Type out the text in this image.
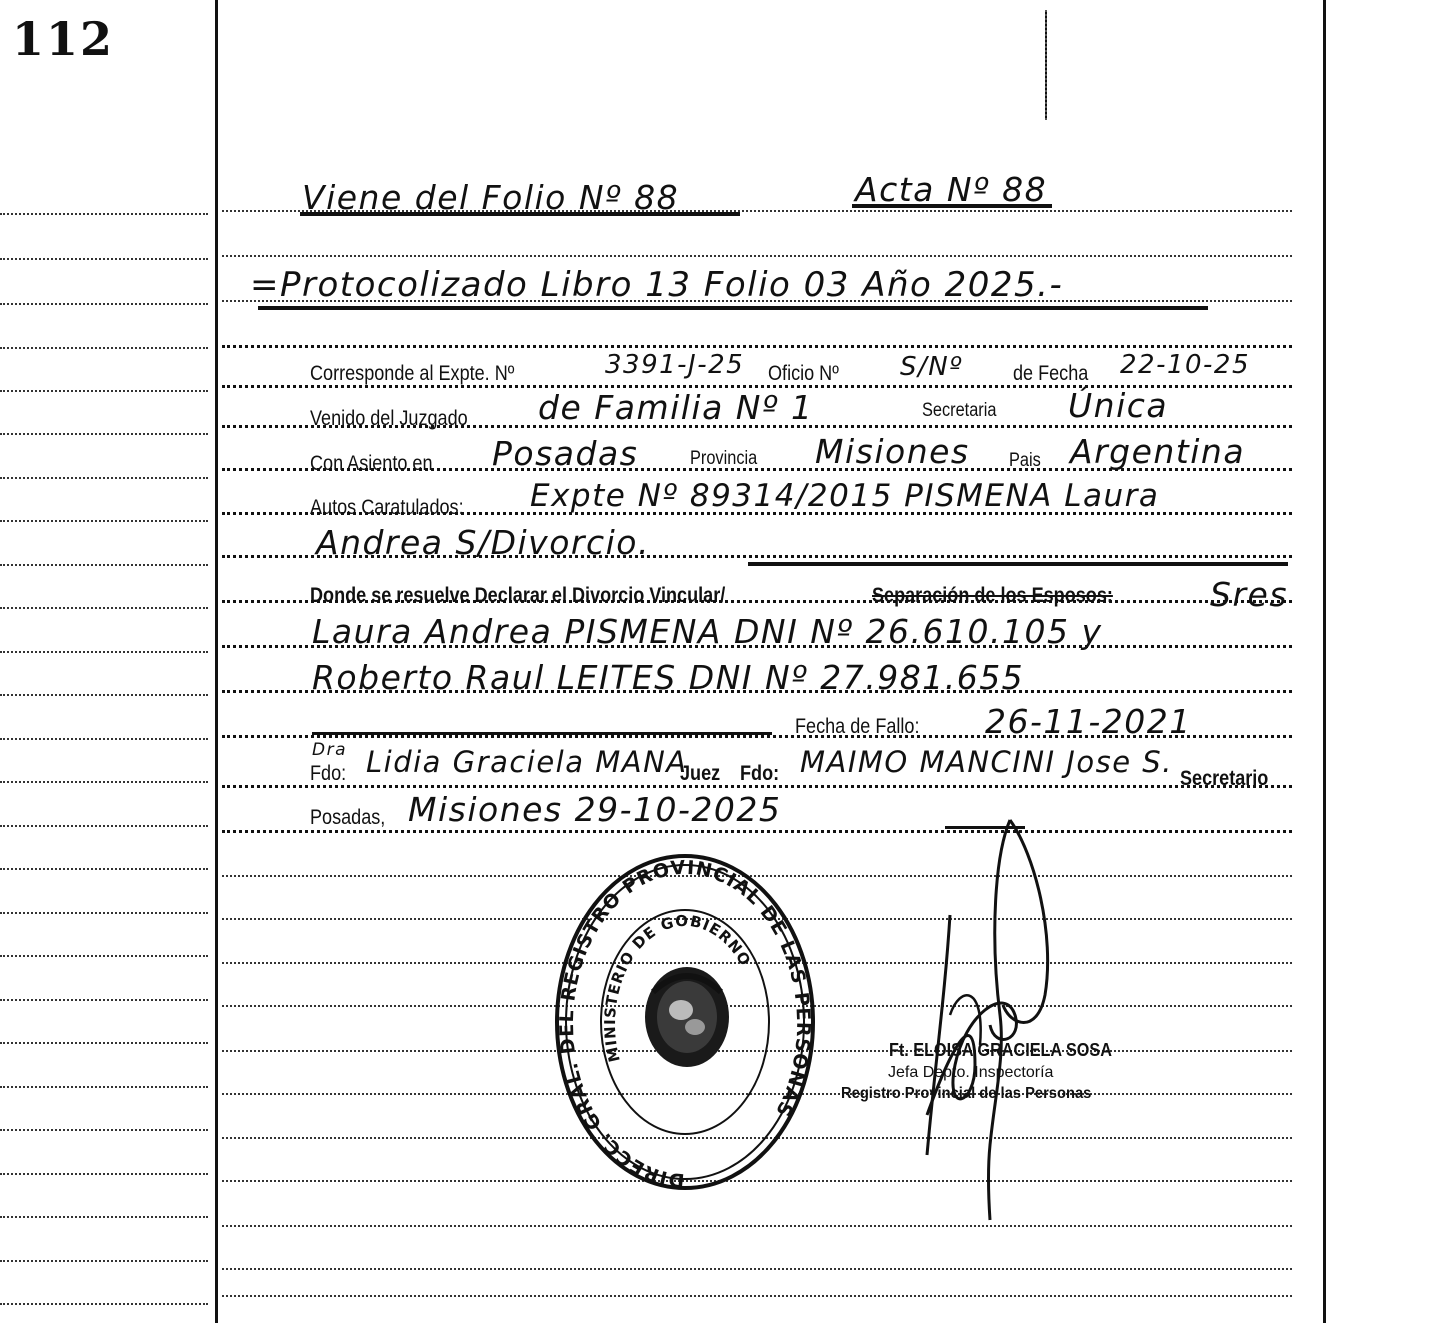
112
Viene del Folio Nº 88	Acta Nº 88
=Protocolizado Libro 13 Folio 03 Año 2025.-
Corresponde al Expte. Nº	3391-J-25 Oficio Nº S/Nº de Fecha 22-10-25
Venido del Juzgado de Familia Nº 1	Secretaria Única
Con Asiento en Posadas	Provincia Misiones Pais Argentina
Autos Caratulados: Expte Nº 89314/2015 PISMENA Laura
Andrea S/Divorcio.
Donde se resuelve Declarar el Divorcio Vincular/	Separación de los Esposos:	Sres
Laura Andrea PISMENA DNI Nº 26.610.105 y
Roberto Raul LEITES DNI Nº 27.981.655
Fecha de Fallo: 26-11-2021
Dra
Fdo: Lidia Graciela MANA
Juez Fdo: MAIMO MANCINI Jose S. Secretario
Posadas, Misiones 29-10-2025
DIRECC. GRAL. DEL REGISTRO PROVINCIAL DE LAS PERSONAS
MINISTERIO DE GOBIERNO
Ft. ELOISA GRACIELA SOSA
Jefa Depto. Inspectoría
Registro Provincial de las Personas
